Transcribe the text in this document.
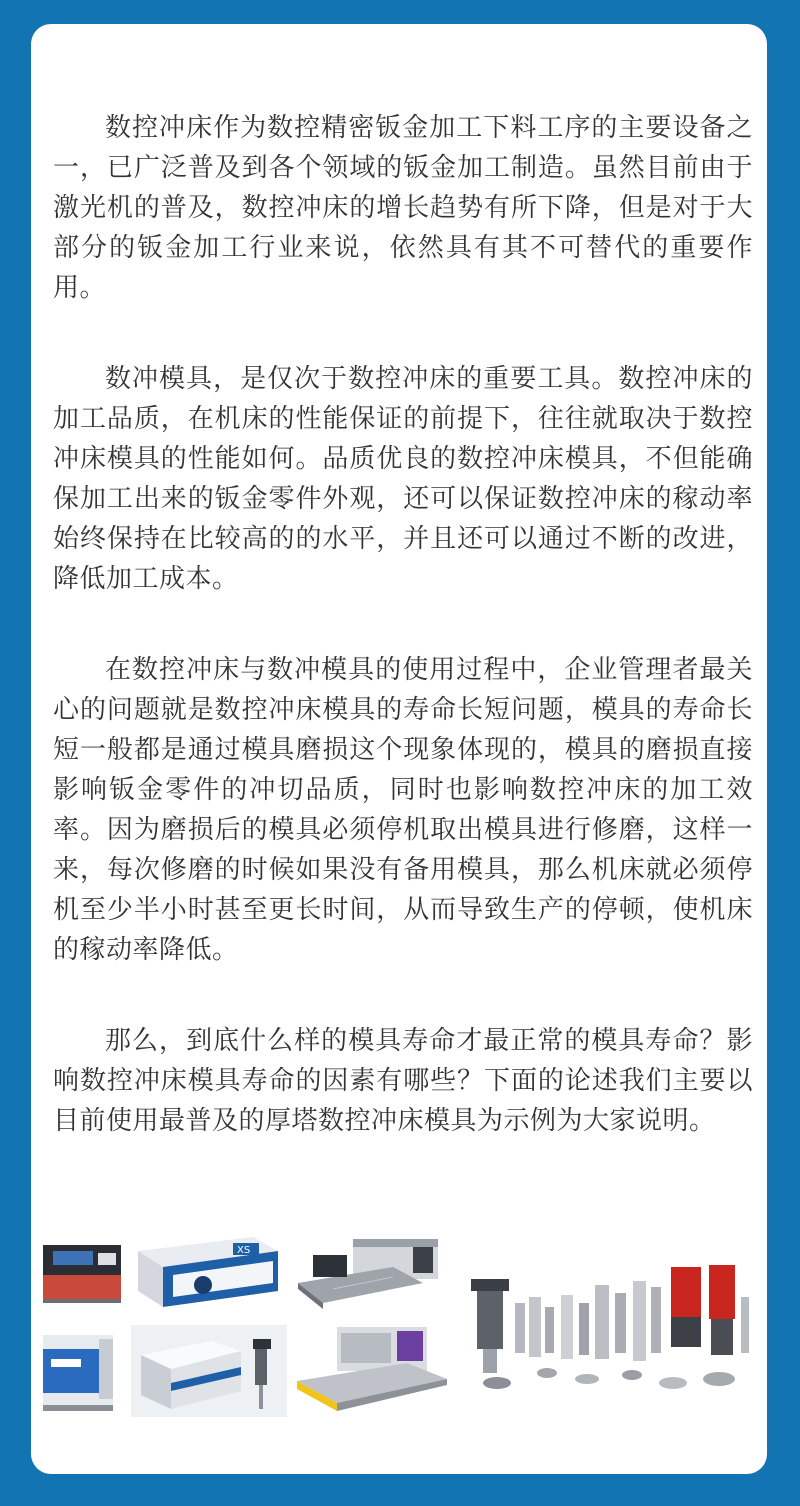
数控冲床作为数控精密钣金加工下料工序的主要设备之一，已广泛普及到各个领域的钣金加工制造。虽然目前由于激光机的普及，数控冲床的增长趋势有所下降，但是对于大部分的钣金加工行业来说，依然具有其不可替代的重要作用。

数冲模具，是仅次于数控冲床的重要工具。数控冲床的加工品质，在机床的性能保证的前提下，往往就取决于数控冲床模具的性能如何。品质优良的数控冲床模具，不但能确保加工出来的钣金零件外观，还可以保证数控冲床的稼动率始终保持在比较高的的水平，并且还可以通过不断的改进，降低加工成本。

在数控冲床与数冲模具的使用过程中，企业管理者最关心的问题就是数控冲床模具的寿命长短问题，模具的寿命长短一般都是通过模具磨损这个现象体现的，模具的磨损直接影响钣金零件的冲切品质，同时也影响数控冲床的加工效率。因为磨损后的模具必须停机取出模具进行修磨，这样一来，每次修磨的时候如果没有备用模具，那么机床就必须停机至少半小时甚至更长时间，从而导致生产的停顿，使机床的稼动率降低。

那么，到底什么样的模具寿命才最正常的模具寿命？影响数控冲床模具寿命的因素有哪些？下面的论述我们主要以目前使用最普及的厚塔数控冲床模具为示例为大家说明。

XS
